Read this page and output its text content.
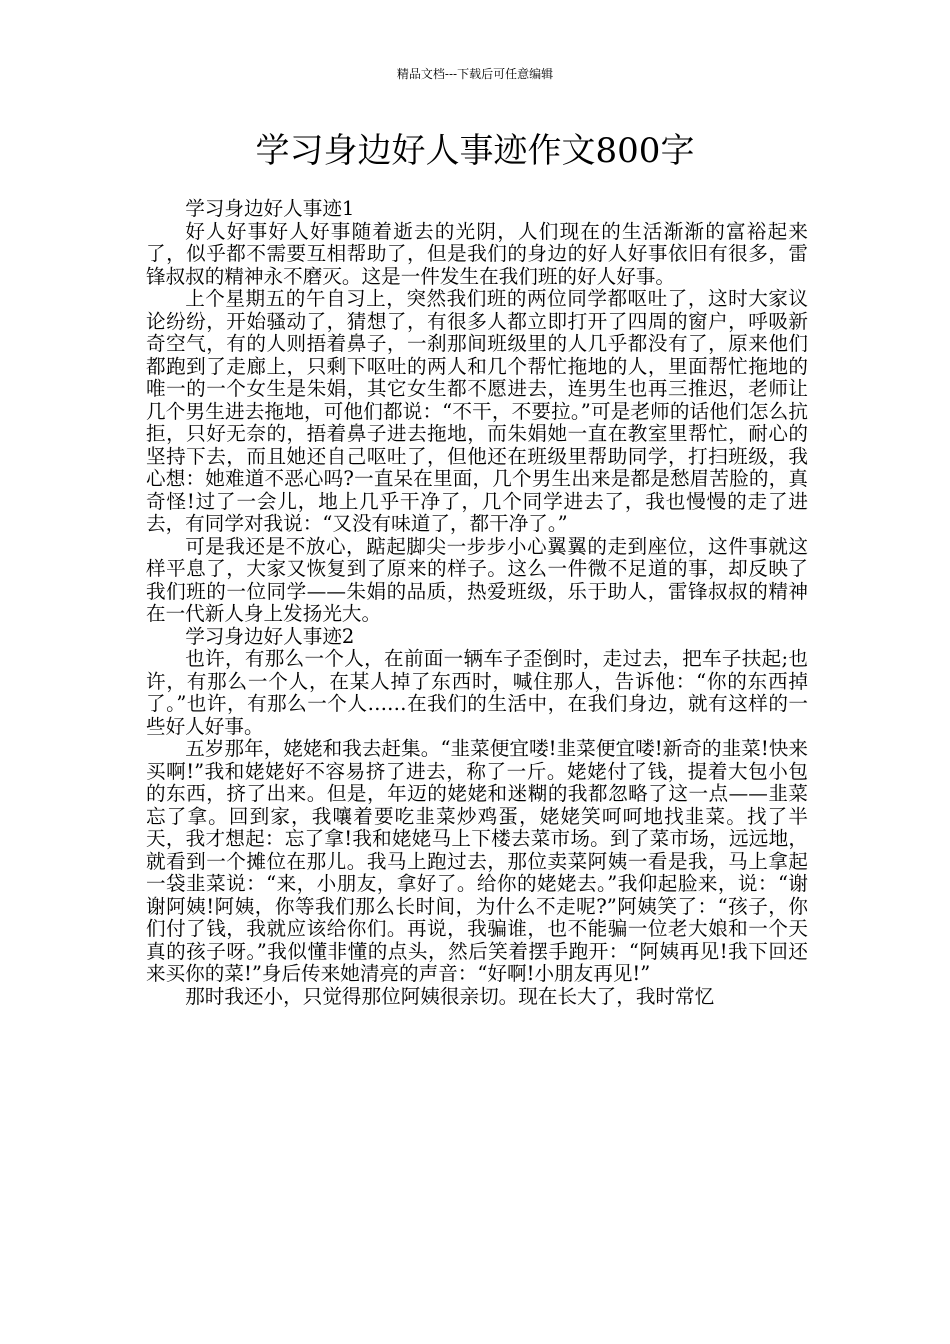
精品文档---下载后可任意编辑
学习身边好人事迹作文800字

学习身边好人事迹1

好人好事好人好事随着逝去的光阴，人们现在的生活渐渐的富裕起来了，似乎都不需要互相帮助了，但是我们的身边的好人好事依旧有很多，雷锋叔叔的精神永不磨灭。这是一件发生在我们班的好人好事。

上个星期五的午自习上，突然我们班的两位同学都呕吐了，这时大家议论纷纷，开始骚动了，猜想了，有很多人都立即打开了四周的窗户，呼吸新奇空气，有的人则捂着鼻子，一刹那间班级里的人几乎都没有了，原来他们都跑到了走廊上，只剩下呕吐的两人和几个帮忙拖地的人，里面帮忙拖地的唯一的一个女生是朱娟，其它女生都不愿进去，连男生也再三推迟，老师让几个男生进去拖地，可他们都说：“不干，不要拉。”可是老师的话他们怎么抗拒，只好无奈的，捂着鼻子进去拖地，而朱娟她一直在教室里帮忙，耐心的坚持下去，而且她还自己呕吐了，但他还在班级里帮助同学，打扫班级，我心想：她难道不恶心吗?一直呆在里面，几个男生出来是都是愁眉苦脸的，真奇怪!过了一会儿，地上几乎干净了，几个同学进去了，我也慢慢的走了进去，有同学对我说：“又没有味道了，都干净了。”

可是我还是不放心，踮起脚尖一步步小心翼翼的走到座位，这件事就这样平息了，大家又恢复到了原来的样子。这么一件微不足道的事，却反映了我们班的一位同学——朱娟的品质，热爱班级，乐于助人，雷锋叔叔的精神在一代新人身上发扬光大。

学习身边好人事迹2

也许，有那么一个人，在前面一辆车子歪倒时，走过去，把车子扶起;也许，有那么一个人，在某人掉了东西时，喊住那人，告诉他：“你的东西掉了。”也许，有那么一个人……在我们的生活中，在我们身边，就有这样的一些好人好事。

五岁那年，姥姥和我去赶集。“韭菜便宜喽!韭菜便宜喽!新奇的韭菜!快来买啊!”我和姥姥好不容易挤了进去，称了一斤。姥姥付了钱，提着大包小包的东西，挤了出来。但是，年迈的姥姥和迷糊的我都忽略了这一点——韭菜忘了拿。回到家，我嚷着要吃韭菜炒鸡蛋，姥姥笑呵呵地找韭菜。找了半天，我才想起：忘了拿!我和姥姥马上下楼去菜市场。到了菜市场，远远地，就看到一个摊位在那儿。我马上跑过去，那位卖菜阿姨一看是我，马上拿起一袋韭菜说：“来，小朋友，拿好了。给你的姥姥去。”我仰起脸来，说：“谢谢阿姨!阿姨，你等我们那么长时间，为什么不走呢?”阿姨笑了：“孩子，你们付了钱，我就应该给你们。再说，我骗谁，也不能骗一位老大娘和一个天真的孩子呀。”我似懂非懂的点头，然后笑着摆手跑开：“阿姨再见!我下回还来买你的菜!”身后传来她清亮的声音：“好啊!小朋友再见!”

那时我还小，只觉得那位阿姨很亲切。现在长大了，我时常忆
